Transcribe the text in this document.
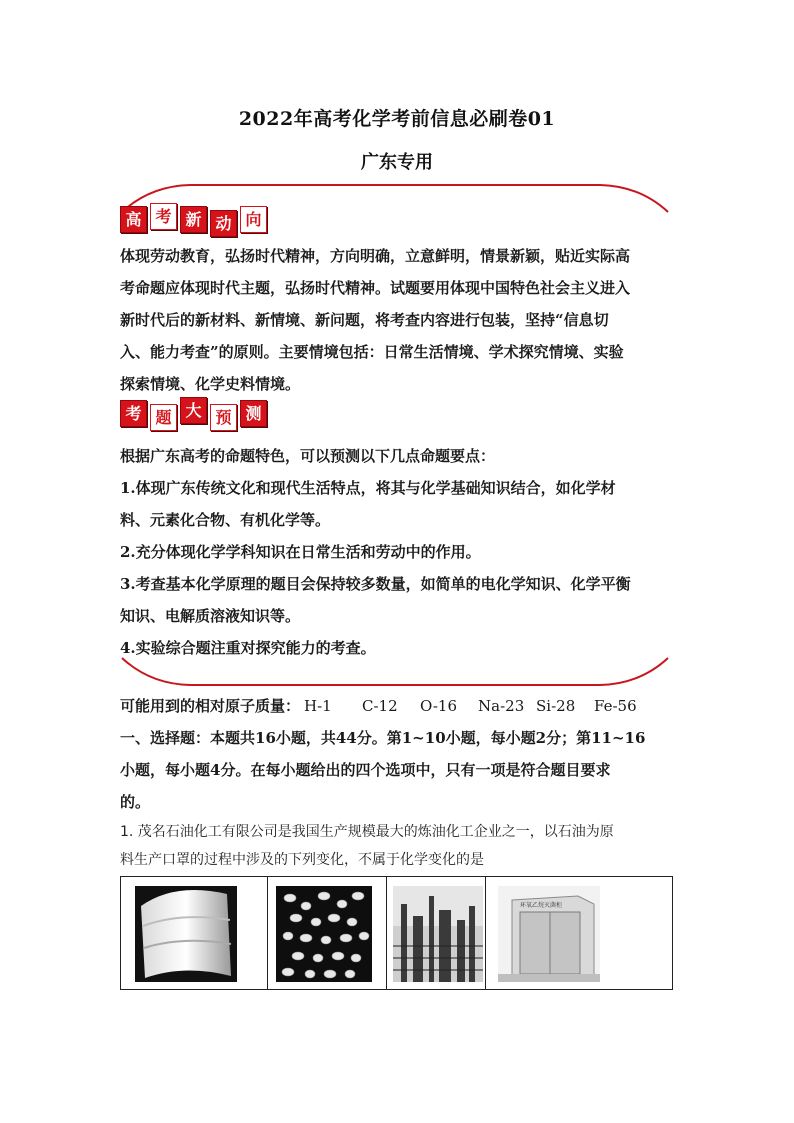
2022年高考化学考前信息必刷卷01
广东专用
高 考 新 动 向
体现劳动教育，弘扬时代精神，方向明确，立意鲜明，情景新颖，贴近实际高
考命题应体现时代主题，弘扬时代精神。试题要用体现中国特色社会主义进入
新时代后的新材料、新情境、新问题，将考查内容进行包装，坚持“信息切
入、能力考查”的原则。主要情境包括：日常生活情境、学术探究情境、实验
探索情境、化学史料情境。
考 题 大 预 测
根据广东高考的命题特色，可以预测以下几点命题要点：
1.体现广东传统文化和现代生活特点，将其与化学基础知识结合，如化学材
料、元素化合物、有机化学等。
2.充分体现化学学科知识在日常生活和劳动中的作用。
3.考查基本化学原理的题目会保持较多数量，如简单的电化学知识、化学平衡
知识、电解质溶液知识等。
4.实验综合题注重对探究能力的考查。
可能用到的相对原子质量： H-1	C-12	O-16	Na-23 Si-28	Fe-56
一、选择题：本题共16小题，共44分。第1~10小题，每小题2分；第11~16
小题，每小题4分。在每小题给出的四个选项中，只有一项是符合题目要求
的。
1. 茂名石油化工有限公司是我国生产规模最大的炼油化工企业之一，以石油为原
料生产口罩的过程中涉及的下列变化，不属于化学变化的是
环氧乙烷灭菌柜
